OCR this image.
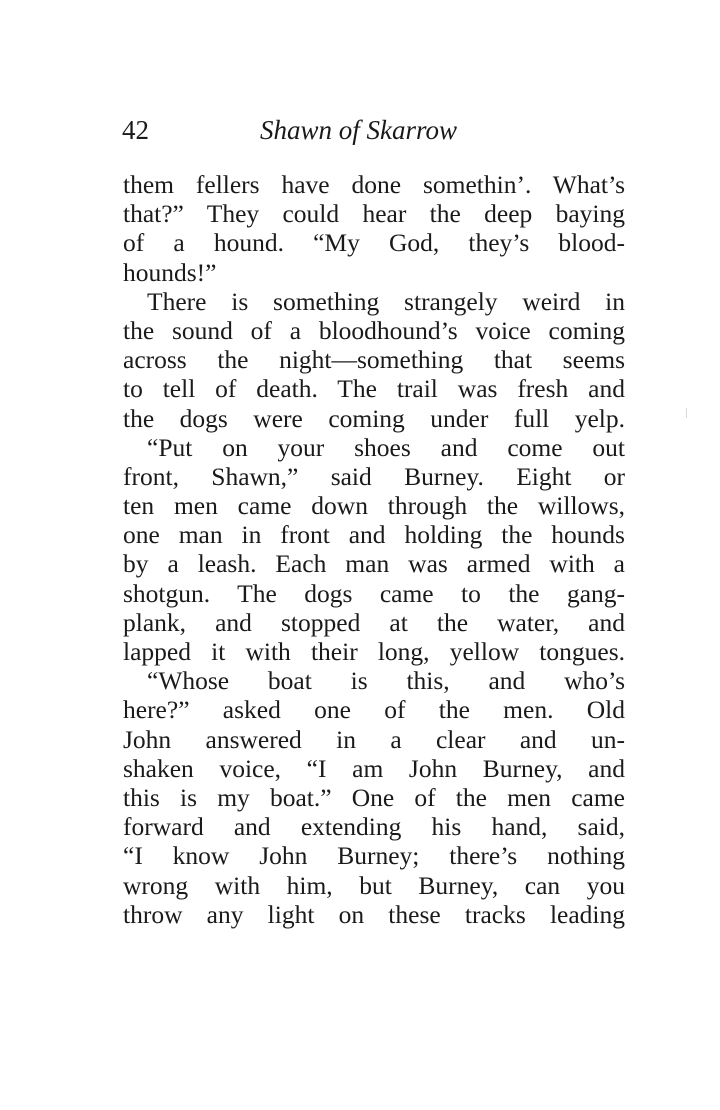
42	Shawn of Skarrow
them fellers have done somethin’. What’s
that?” They could hear the deep baying
of a hound. “My God, they’s blood-
hounds!”
There is something strangely weird in
the sound of a bloodhound’s voice coming
across the night—something that seems
to tell of death. The trail was fresh and
the dogs were coming under full yelp.
“Put on your shoes and come out
front, Shawn,” said Burney. Eight or
ten men came down through the willows,
one man in front and holding the hounds
by a leash. Each man was armed with a
shotgun. The dogs came to the gang-
plank, and stopped at the water, and
lapped it with their long, yellow tongues.
“Whose boat is this, and who’s
here?” asked one of the men. Old
John answered in a clear and un-
shaken voice, “I am John Burney, and
this is my boat.” One of the men came
forward and extending his hand, said,
“I know John Burney; there’s nothing
wrong with him, but Burney, can you
throw any light on these tracks leading
